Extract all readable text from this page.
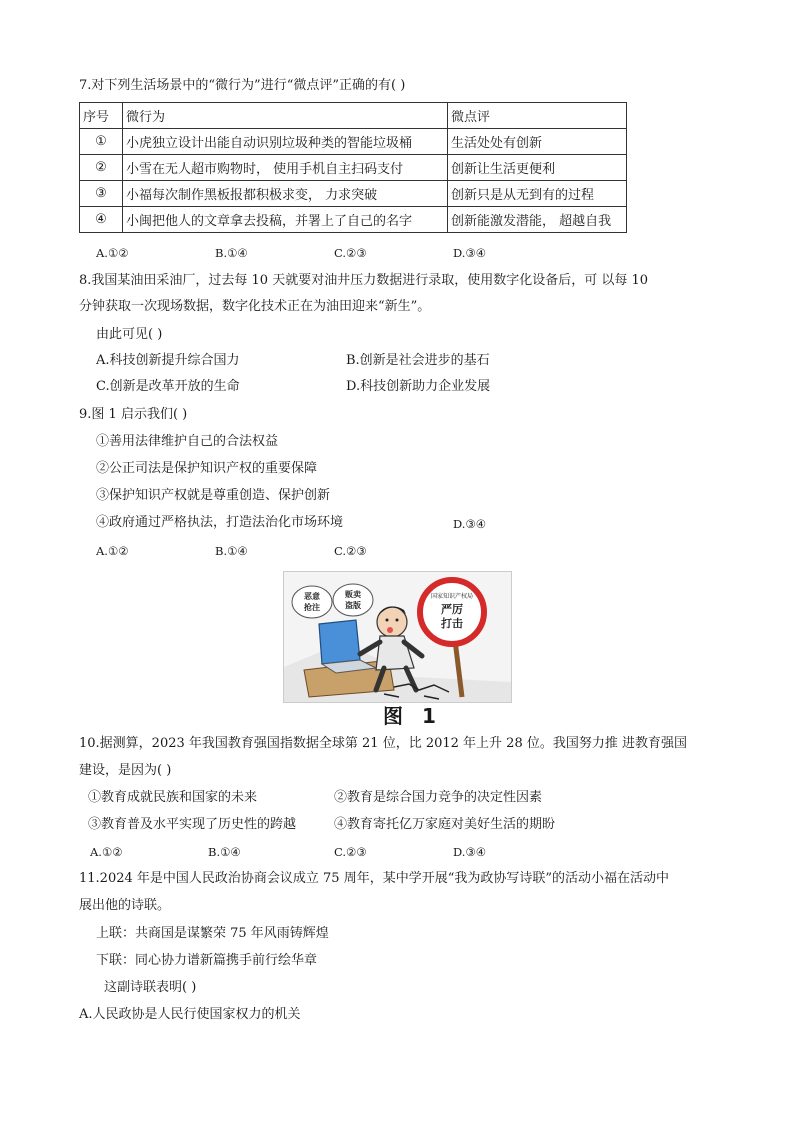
7.对下列生活场景中的“微行为”进行“微点评”正确的有( )
序号	微行为	微点评
①	小虎独立设计出能自动识别垃圾种类的智能垃圾桶	生活处处有创新
②	小雪在无人超市购物时， 使用手机自主扫码支付	创新让生活更便利
③	小福每次制作黑板报都积极求变， 力求突破	创新只是从无到有的过程
④	小闽把他人的文章拿去投稿，并署上了自己的名字	创新能激发潜能， 超越自我
A.①②	B.①④	C.②③	D.③④
8.我国某油田采油厂，过去每 10 天就要对油井压力数据进行录取，使用数字化设备后，可 以每 10
分钟获取一次现场数据，数字化技术正在为油田迎来“新生”。
由此可见( )
A.科技创新提升综合国力	B.创新是社会进步的基石
C.创新是改革开放的生命	D.科技创新助力企业发展
9.图 1 启示我们( )
①善用法律维护自己的合法权益
②公正司法是保护知识产权的重要保障
③保护知识产权就是尊重创造、保护创新
④政府通过严格执法，打造法治化市场环境	D.③④
A.①②	B.①④	C.②③
恶意
抢注
贩卖
盗版
国家知识产权局
严厉
打击
图 1
10.据测算，2023 年我国教育强国指数据全球第 21 位，比 2012 年上升 28 位。我国努力推 进教育强国
建设，是因为( )
①教育成就民族和国家的未来	②教育是综合国力竞争的决定性因素
③教育普及水平实现了历史性的跨越	④教育寄托亿万家庭对美好生活的期盼
A.①②	B.①④	C.②③	D.③④
11.2024 年是中国人民政治协商会议成立 75 周年，某中学开展“我为政协写诗联”的活动小福在活动中
展出他的诗联。
上联：共商国是谋繁荣 75 年风雨铸辉煌
下联：同心协力谱新篇携手前行绘华章
这副诗联表明( )
A.人民政协是人民行使国家权力的机关
